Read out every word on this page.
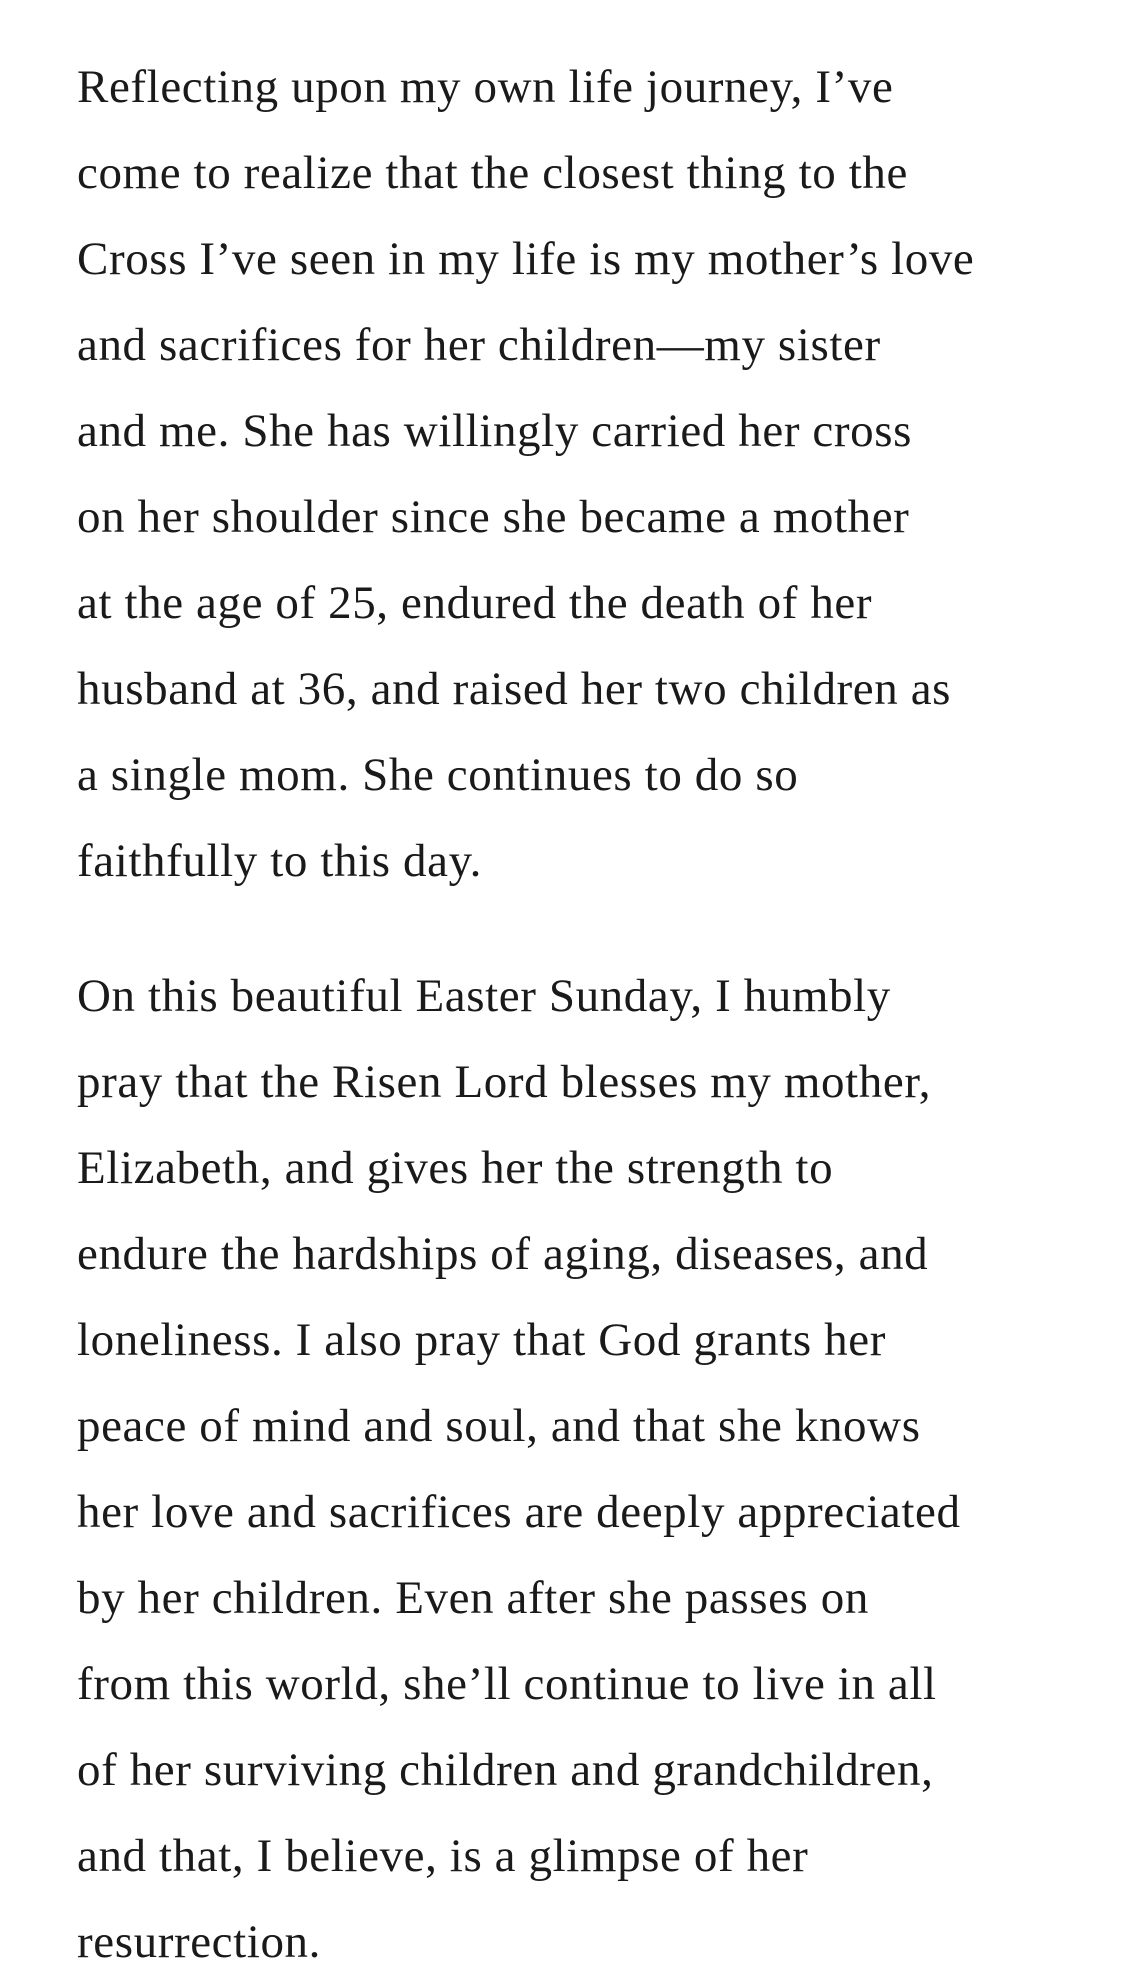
Reflecting upon my own life journey, I’ve
come to realize that the closest thing to the
Cross I’ve seen in my life is my mother’s love
and sacrifices for her children—my sister
and me. She has willingly carried her cross
on her shoulder since she became a mother
at the age of 25, endured the death of her
husband at 36, and raised her two children as
a single mom. She continues to do so
faithfully to this day.

On this beautiful Easter Sunday, I humbly
pray that the Risen Lord blesses my mother,
Elizabeth, and gives her the strength to
endure the hardships of aging, diseases, and
loneliness. I also pray that God grants her
peace of mind and soul, and that she knows
her love and sacrifices are deeply appreciated
by her children. Even after she passes on
from this world, she’ll continue to live in all
of her surviving children and grandchildren,
and that, I believe, is a glimpse of her
resurrection.
